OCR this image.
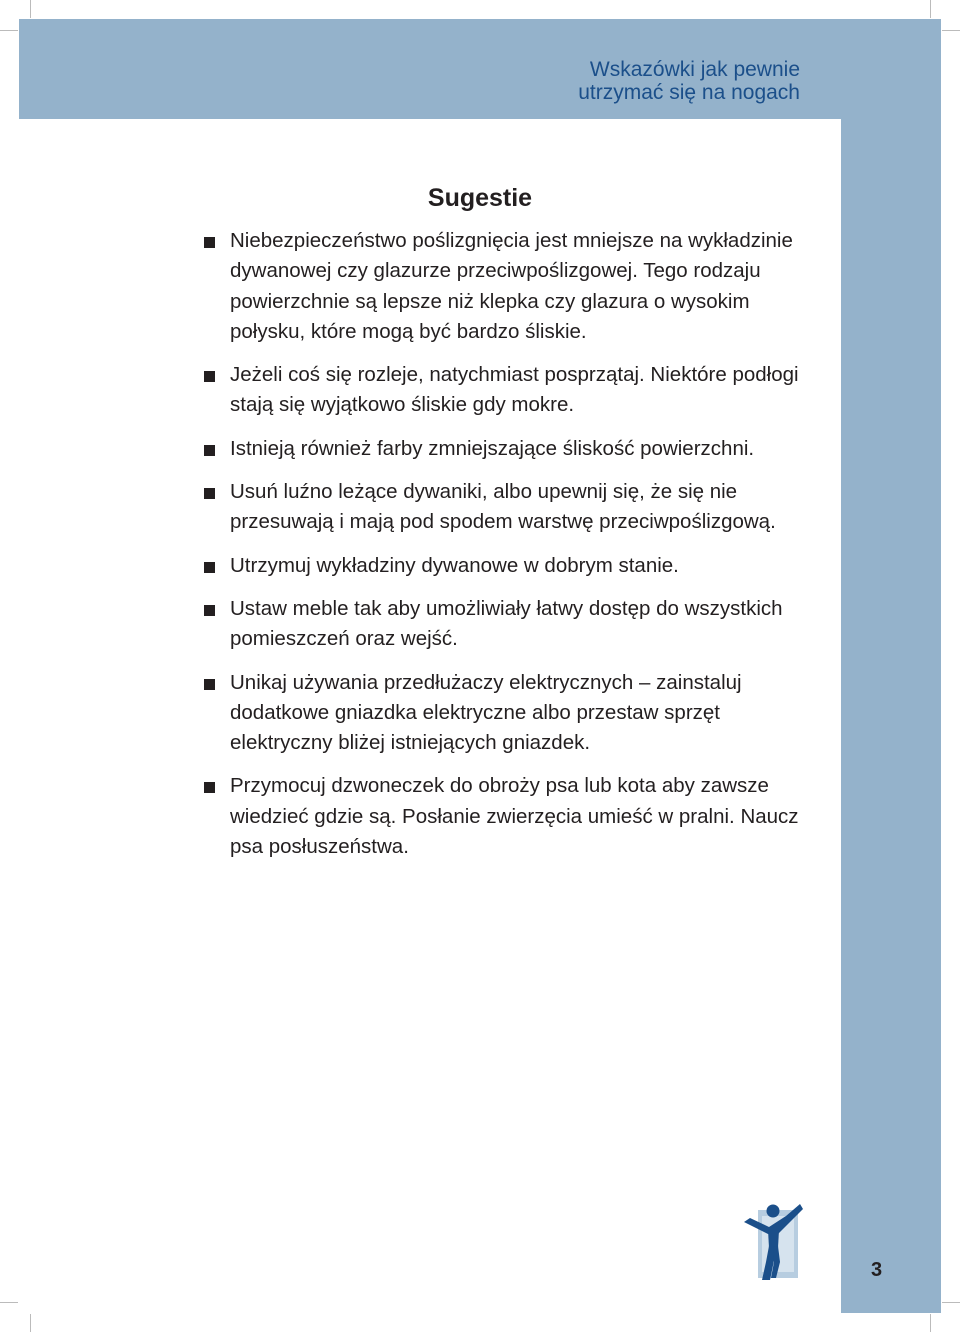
Wskazówki jak pewnie
utrzymać się na nogach
Sugestie
Niebezpieczeństwo poślizgnięcia jest mniejsze na wykładzinie dywanowej czy glazurze przeciwpoślizgowej. Tego rodzaju powierzchnie są lepsze niż klepka czy glazura o wysokim połysku, które mogą być bardzo śliskie.
Jeżeli coś się rozleje, natychmiast posprzątaj. Niektóre podłogi stają się wyjątkowo śliskie gdy mokre.
Istnieją również farby zmniejszające śliskość powierzchni.
Usuń luźno leżące dywaniki, albo upewnij się, że się nie przesuwają i mają pod spodem warstwę przeciwpoślizgową.
Utrzymuj wykładziny dywanowe w dobrym stanie.
Ustaw meble tak aby umożliwiały łatwy dostęp do wszystkich pomieszczeń oraz wejść.
Unikaj używania przedłużaczy elektrycznych – zainstaluj dodatkowe gniazdka elektryczne albo przestaw sprzęt elektryczny bliżej istniejących gniazdek.
Przymocuj dzwoneczek do obroży psa lub kota aby zawsze wiedzieć gdzie są. Posłanie zwierzęcia umieść w pralni. Naucz psa posłuszeństwa.
3
